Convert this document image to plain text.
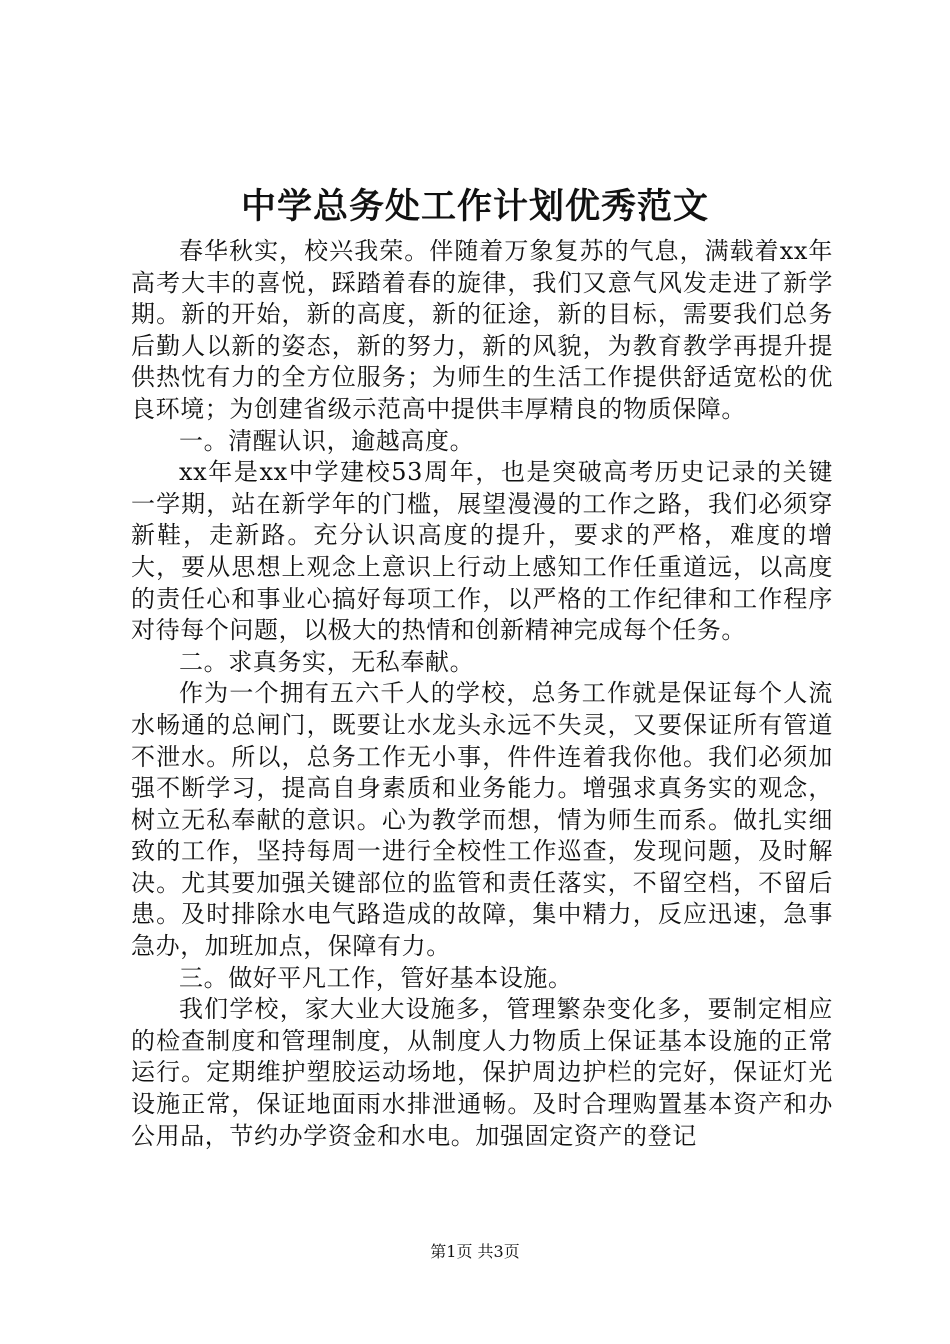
中学总务处工作计划优秀范文

春华秋实，校兴我荣。伴随着万象复苏的气息，满载着xx年高考大丰的喜悦，踩踏着春的旋律，我们又意气风发走进了新学期。新的开始，新的高度，新的征途，新的目标，需要我们总务后勤人以新的姿态，新的努力，新的风貌，为教育教学再提升提供热忱有力的全方位服务；为师生的生活工作提供舒适宽松的优良环境；为创建省级示范高中提供丰厚精良的物质保障。

一。清醒认识，逾越高度。

xx年是xx中学建校53周年，也是突破高考历史记录的关键一学期，站在新学年的门槛，展望漫漫的工作之路，我们必须穿新鞋，走新路。充分认识高度的提升，要求的严格，难度的增大，要从思想上观念上意识上行动上感知工作任重道远，以高度的责任心和事业心搞好每项工作，以严格的工作纪律和工作程序对待每个问题，以极大的热情和创新精神完成每个任务。

二。求真务实，无私奉献。

作为一个拥有五六千人的学校，总务工作就是保证每个人流水畅通的总闸门，既要让水龙头永远不失灵，又要保证所有管道不泄水。所以，总务工作无小事，件件连着我你他。我们必须加强不断学习，提高自身素质和业务能力。增强求真务实的观念，树立无私奉献的意识。心为教学而想，情为师生而系。做扎实细致的工作，坚持每周一进行全校性工作巡查，发现问题，及时解决。尤其要加强关键部位的监管和责任落实，不留空档，不留后患。及时排除水电气路造成的故障，集中精力，反应迅速，急事急办，加班加点，保障有力。

三。做好平凡工作，管好基本设施。

我们学校，家大业大设施多，管理繁杂变化多，要制定相应的检查制度和管理制度，从制度人力物质上保证基本设施的正常运行。定期维护塑胶运动场地，保护周边护栏的完好，保证灯光设施正常，保证地面雨水排泄通畅。及时合理购置基本资产和办公用品，节约办学资金和水电。加强固定资产的登记

第1页 共3页
